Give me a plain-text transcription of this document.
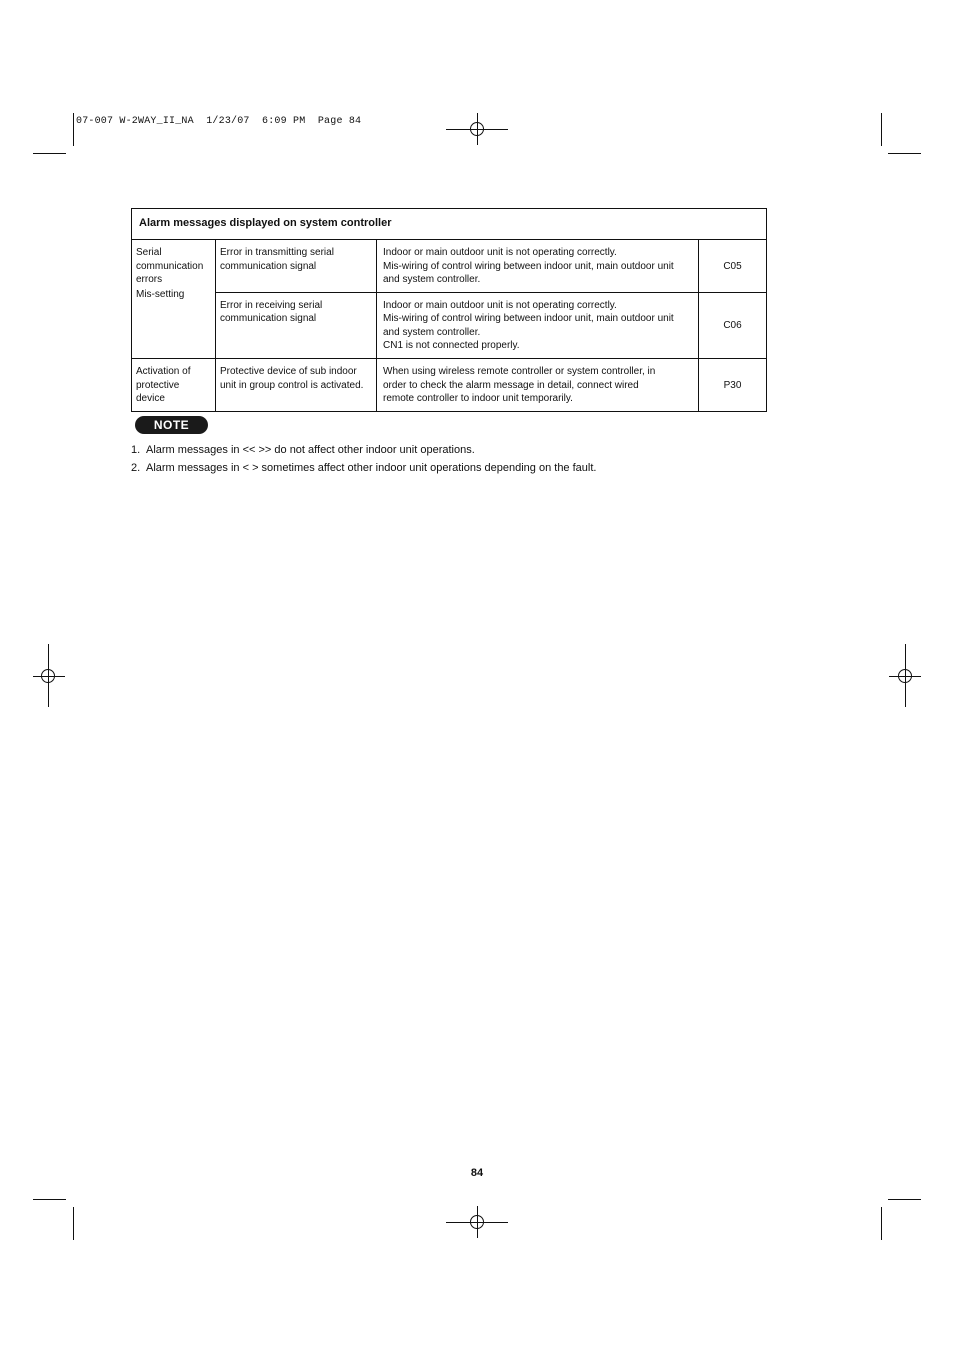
07-007 W-2WAY_II_NA  1/23/07  6:09 PM  Page 84
Alarm messages displayed on system controller			

Serial
communication
errors
Mis-setting	Error in transmitting serial
communication signal	Indoor or main outdoor unit is not operating correctly.
Mis-wiring of control wiring between indoor unit, main outdoor unit
and system controller.	C05

	Error in receiving serial
communication signal	Indoor or main outdoor unit is not operating correctly.
Mis-wiring of control wiring between indoor unit, main outdoor unit
and system controller.
CN1 is not connected properly.	C06

Activation of
protective
device	Protective device of sub indoor
unit in group control is activated.	When using wireless remote controller or system controller, in
order to check the alarm message in detail, connect wired
remote controller to indoor unit temporarily.	P30
NOTE
1. Alarm messages in << >> do not affect other indoor unit operations.
2. Alarm messages in < > sometimes affect other indoor unit operations depending on the fault.
84
